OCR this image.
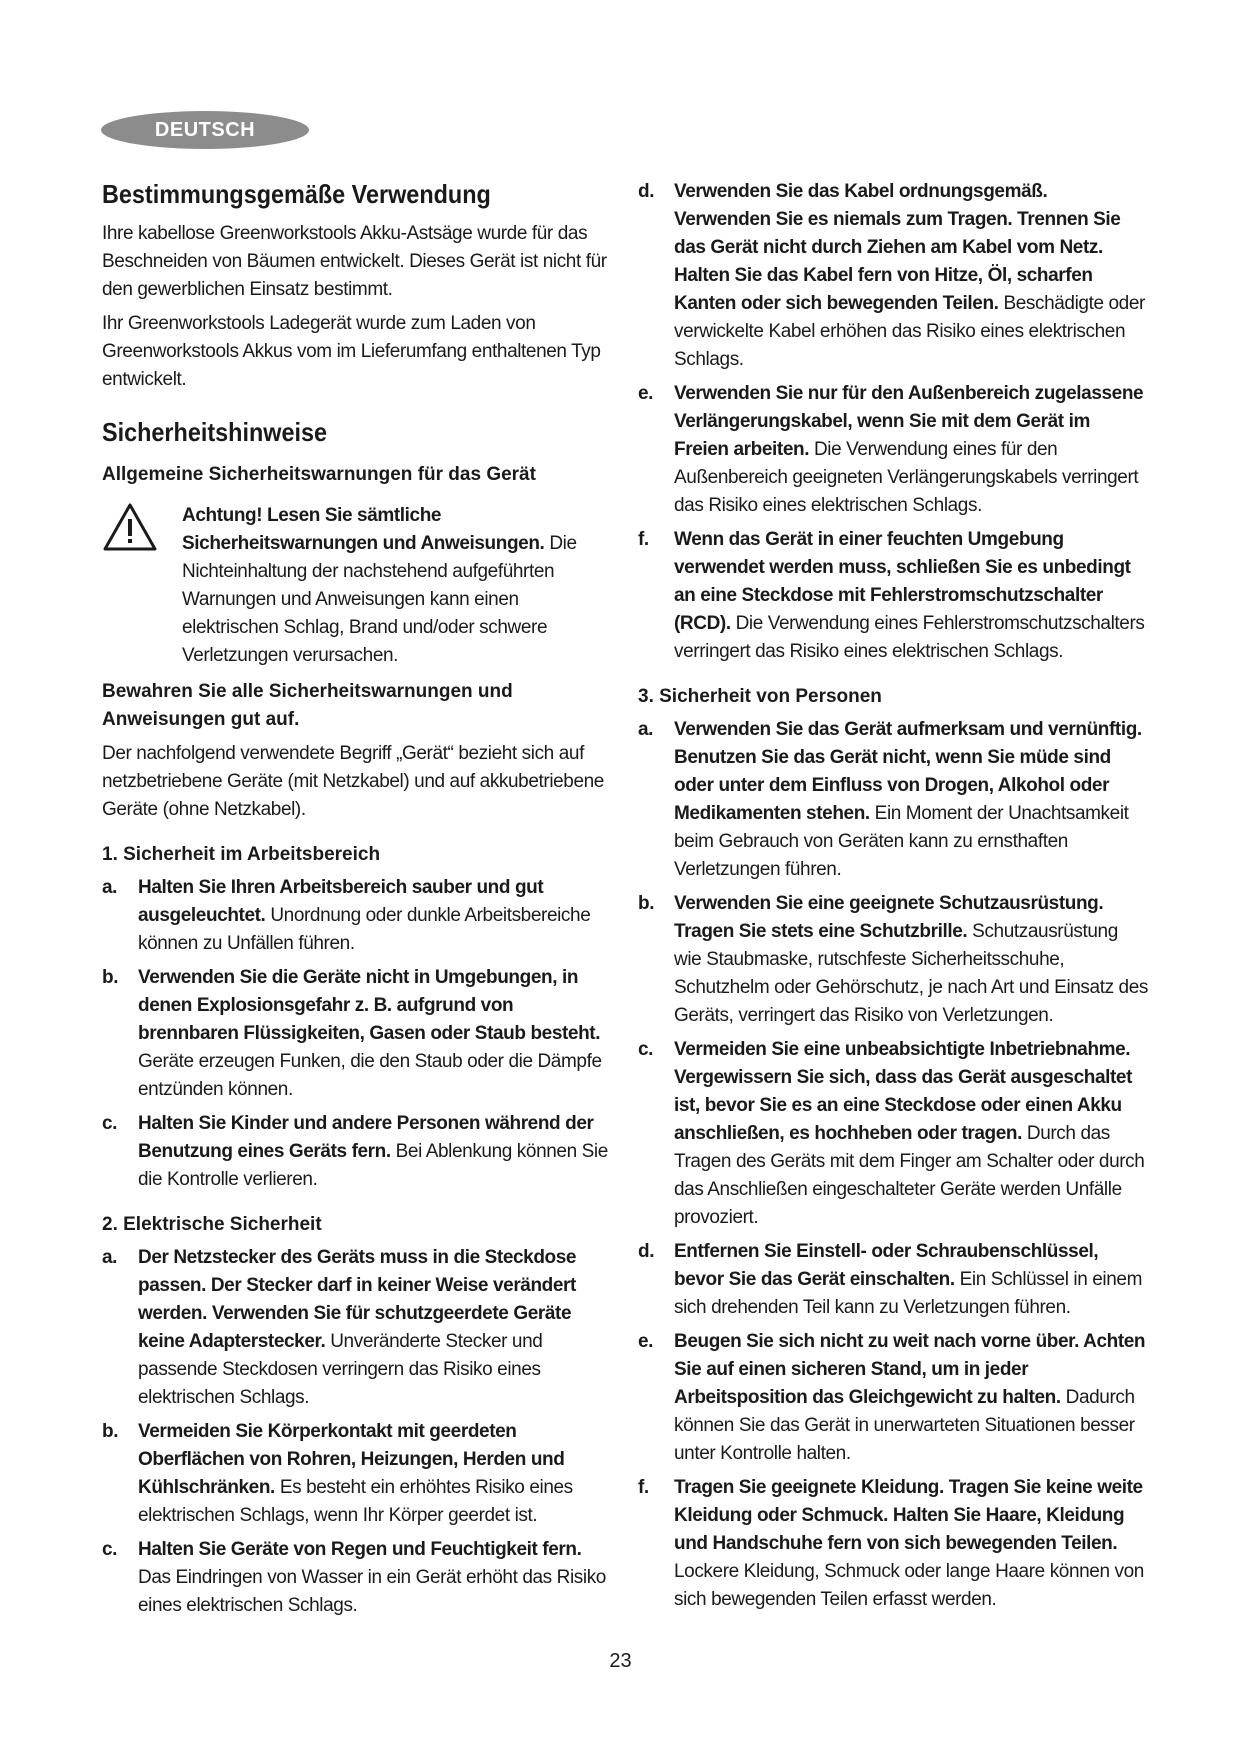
DEUTSCH
Bestimmungsgemäße Verwendung

Ihre kabellose Greenworkstools Akku-Astsäge wurde für das Beschneiden von Bäumen entwickelt. Dieses Gerät ist nicht für den gewerblichen Einsatz bestimmt.

Ihr Greenworkstools Ladegerät wurde zum Laden von Greenworkstools Akkus vom im Lieferumfang enthaltenen Typ entwickelt.

Sicherheitshinweise
Allgemeine Sicherheitswarnungen für das Gerät

Achtung! Lesen Sie sämtliche Sicherheitswarnungen und Anweisungen. Die Nichteinhaltung der nachstehend aufgeführten Warnungen und Anweisungen kann einen elektrischen Schlag, Brand und/oder schwere Verletzungen verursachen.

Bewahren Sie alle Sicherheitswarnungen und Anweisungen gut auf.

Der nachfolgend verwendete Begriff „Gerät“ bezieht sich auf netzbetriebene Geräte (mit Netzkabel) und auf akkubetriebene Geräte (ohne Netzkabel).

1. Sicherheit im Arbeitsbereich
a. Halten Sie Ihren Arbeitsbereich sauber und gut ausgeleuchtet. Unordnung oder dunkle Arbeitsbereiche können zu Unfällen führen.
b. Verwenden Sie die Geräte nicht in Umgebungen, in denen Explosionsgefahr z. B. aufgrund von brennbaren Flüssigkeiten, Gasen oder Staub besteht. Geräte erzeugen Funken, die den Staub oder die Dämpfe entzünden können.
c. Halten Sie Kinder und andere Personen während der Benutzung eines Geräts fern. Bei Ablenkung können Sie die Kontrolle verlieren.
2. Elektrische Sicherheit
a. Der Netzstecker des Geräts muss in die Steckdose passen. Der Stecker darf in keiner Weise verändert werden. Verwenden Sie für schutzgeerdete Geräte keine Adapterstecker. Unveränderte Stecker und passende Steckdosen verringern das Risiko eines elektrischen Schlags.
b. Vermeiden Sie Körperkontakt mit geerdeten Oberflächen von Rohren, Heizungen, Herden und Kühlschränken. Es besteht ein erhöhtes Risiko eines elektrischen Schlags, wenn Ihr Körper geerdet ist.
c. Halten Sie Geräte von Regen und Feuchtigkeit fern. Das Eindringen von Wasser in ein Gerät erhöht das Risiko eines elektrischen Schlags.
d. Verwenden Sie das Kabel ordnungsgemäß. Verwenden Sie es niemals zum Tragen. Trennen Sie das Gerät nicht durch Ziehen am Kabel vom Netz. Halten Sie das Kabel fern von Hitze, Öl, scharfen Kanten oder sich bewegenden Teilen. Beschädigte oder verwickelte Kabel erhöhen das Risiko eines elektrischen Schlags.
e. Verwenden Sie nur für den Außenbereich zugelassene Verlängerungskabel, wenn Sie mit dem Gerät im Freien arbeiten. Die Verwendung eines für den Außenbereich geeigneten Verlängerungskabels verringert das Risiko eines elektrischen Schlags.
f. Wenn das Gerät in einer feuchten Umgebung verwendet werden muss, schließen Sie es unbedingt an eine Steckdose mit Fehlerstromschutzschalter (RCD). Die Verwendung eines Fehlerstromschutzschalters verringert das Risiko eines elektrischen Schlags.
3. Sicherheit von Personen
a. Verwenden Sie das Gerät aufmerksam und vernünftig. Benutzen Sie das Gerät nicht, wenn Sie müde sind oder unter dem Einfluss von Drogen, Alkohol oder Medikamenten stehen. Ein Moment der Unachtsamkeit beim Gebrauch von Geräten kann zu ernsthaften Verletzungen führen.
b. Verwenden Sie eine geeignete Schutzausrüstung. Tragen Sie stets eine Schutzbrille. Schutzausrüstung wie Staubmaske, rutschfeste Sicherheitsschuhe, Schutzhelm oder Gehörschutz, je nach Art und Einsatz des Geräts, verringert das Risiko von Verletzungen.
c. Vermeiden Sie eine unbeabsichtigte Inbetriebnahme. Vergewissern Sie sich, dass das Gerät ausgeschaltet ist, bevor Sie es an eine Steckdose oder einen Akku anschließen, es hochheben oder tragen. Durch das Tragen des Geräts mit dem Finger am Schalter oder durch das Anschließen eingeschalteter Geräte werden Unfälle provoziert.
d. Entfernen Sie Einstell- oder Schraubenschlüssel, bevor Sie das Gerät einschalten. Ein Schlüssel in einem sich drehenden Teil kann zu Verletzungen führen.
e. Beugen Sie sich nicht zu weit nach vorne über. Achten Sie auf einen sicheren Stand, um in jeder Arbeitsposition das Gleichgewicht zu halten. Dadurch können Sie das Gerät in unerwarteten Situationen besser unter Kontrolle halten.
f. Tragen Sie geeignete Kleidung. Tragen Sie keine weite Kleidung oder Schmuck. Halten Sie Haare, Kleidung und Handschuhe fern von sich bewegenden Teilen. Lockere Kleidung, Schmuck oder lange Haare können von sich bewegenden Teilen erfasst werden.
23
